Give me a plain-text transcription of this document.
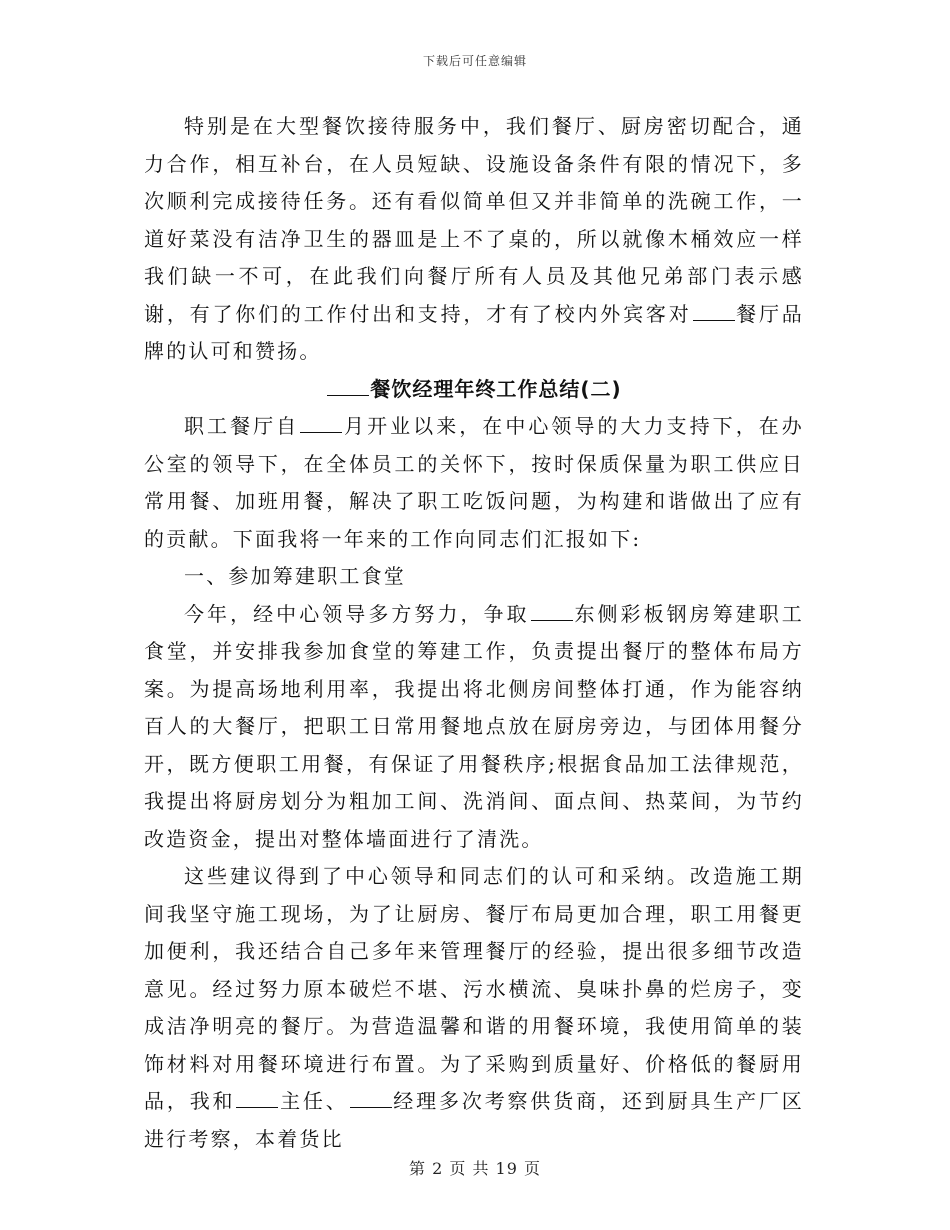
下载后可任意编辑

特别是在大型餐饮接待服务中，我们餐厅、厨房密切配合，通力合作，相互补台，在人员短缺、设施设备条件有限的情况下，多次顺利完成接待任务。还有看似简单但又并非简单的洗碗工作，一道好菜没有洁净卫生的器皿是上不了桌的，所以就像木桶效应一样我们缺一不可，在此我们向餐厅所有人员及其他兄弟部门表示感谢，有了你们的工作付出和支持，才有了校内外宾客对 餐厅品牌的认可和赞扬。

餐饮经理年终工作总结(二)

职工餐厅自 月开业以来，在中心领导的大力支持下，在办公室的领导下，在全体员工的关怀下，按时保质保量为职工供应日常用餐、加班用餐，解决了职工吃饭问题，为构建和谐做出了应有的贡献。下面我将一年来的工作向同志们汇报如下:

一、参加筹建职工食堂

今年，经中心领导多方努力，争取 东侧彩板钢房筹建职工食堂，并安排我参加食堂的筹建工作，负责提出餐厅的整体布局方案。为提高场地利用率，我提出将北侧房间整体打通，作为能容纳百人的大餐厅，把职工日常用餐地点放在厨房旁边，与团体用餐分开，既方便职工用餐，有保证了用餐秩序;根据食品加工法律规范，我提出将厨房划分为粗加工间、洗消间、面点间、热菜间，为节约改造资金，提出对整体墙面进行了清洗。

这些建议得到了中心领导和同志们的认可和采纳。改造施工期间我坚守施工现场，为了让厨房、餐厅布局更加合理，职工用餐更加便利，我还结合自己多年来管理餐厅的经验，提出很多细节改造意见。经过努力原本破烂不堪、污水横流、臭味扑鼻的烂房子，变成洁净明亮的餐厅。为营造温馨和谐的用餐环境，我使用简单的装饰材料对用餐环境进行布置。为了采购到质量好、价格低的餐厨用品，我和 主任、 经理多次考察供货商，还到厨具生产厂区进行考察，本着货比

第 2 页 共 19 页
